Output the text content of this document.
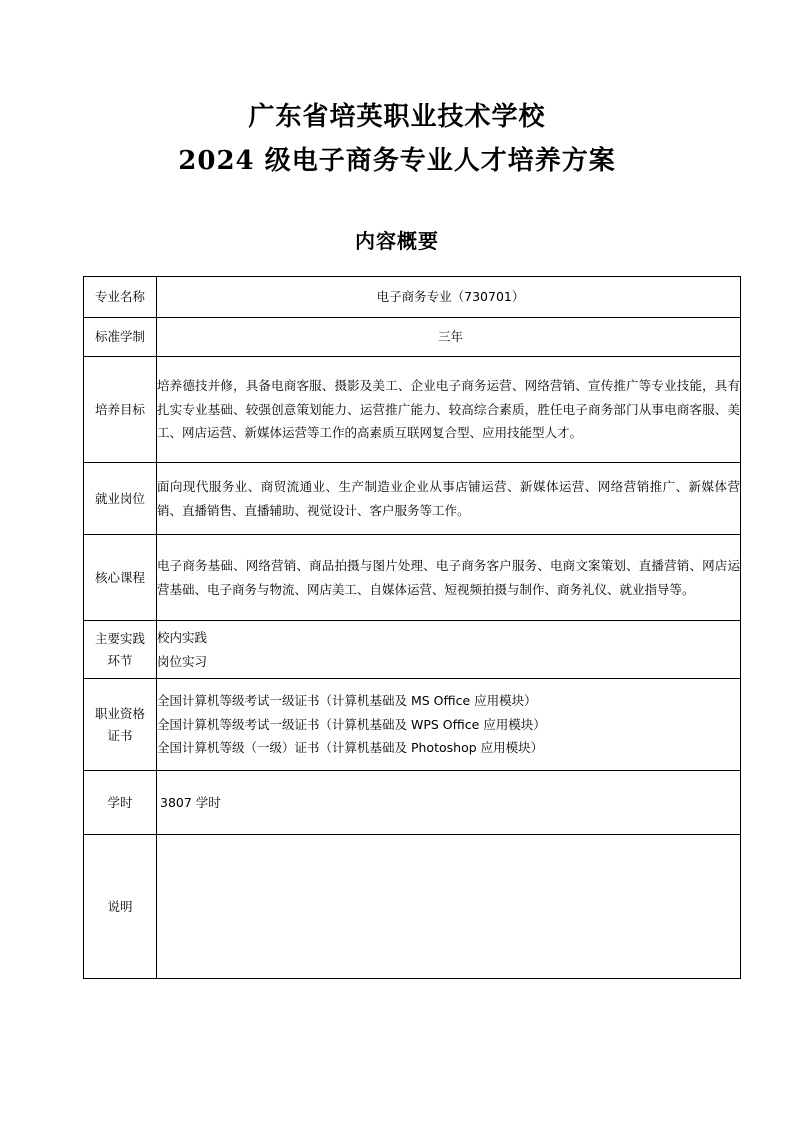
广东省培英职业技术学校
2024 级电子商务专业人才培养方案
内容概要
专业名称	电子商务专业（730701）
标准学制	三年
培养目标	培养德技并修，具备电商客服、摄影及美工、企业电子商务运营、网络营销、宣传推广等专业技能，具有扎实专业基础、较强创意策划能力、运营推广能力、较高综合素质，胜任电子商务部门从事电商客服、美工、网店运营、新媒体运营等工作的高素质互联网复合型、应用技能型人才。
就业岗位	面向现代服务业、商贸流通业、生产制造业企业从事店铺运营、新媒体运营、网络营销推广、新媒体营销、直播销售、直播辅助、视觉设计、客户服务等工作。
核心课程	电子商务基础、网络营销、商品拍摄与图片处理、电子商务客户服务、电商文案策划、直播营销、网店运营基础、电子商务与物流、网店美工、自媒体运营、短视频拍摄与制作、商务礼仪、就业指导等。

主要实践
环节	校内实践
岗位实习

职业资格
证书	全国计算机等级考试一级证书（计算机基础及 MS Office 应用模块）
全国计算机等级考试一级证书（计算机基础及 WPS Office 应用模块）
全国计算机等级（一级）证书（计算机基础及 Photoshop 应用模块）

学时	3807 学时
说明	
